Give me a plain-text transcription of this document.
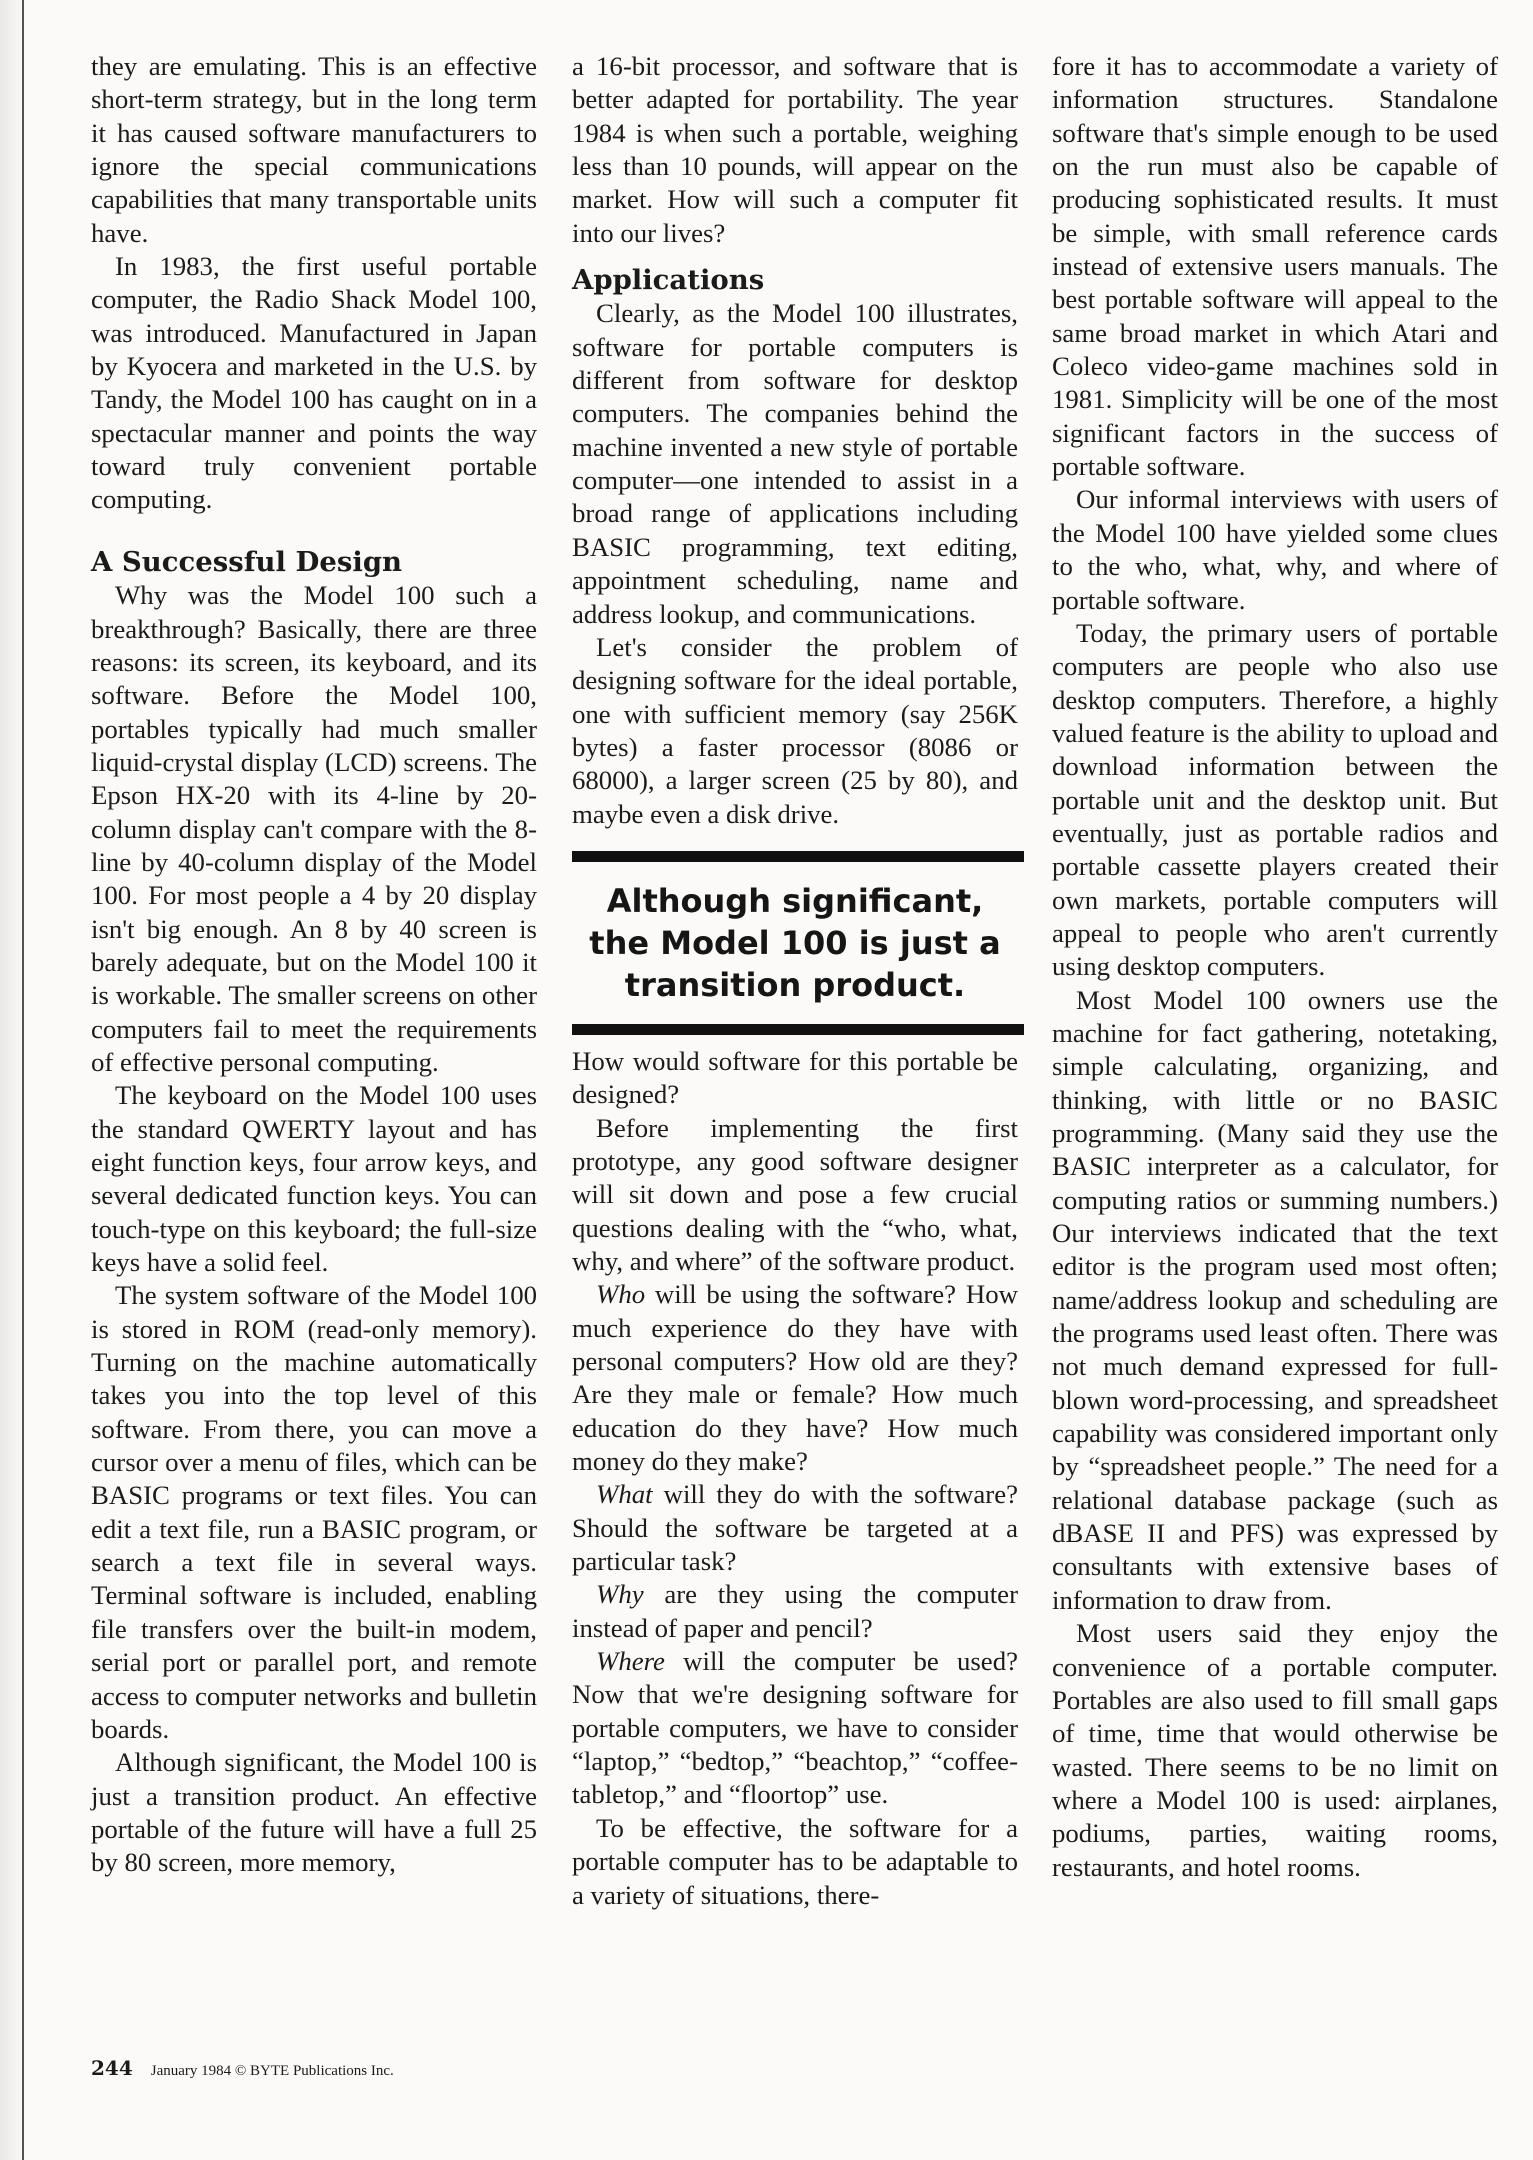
they are emulating. This is an effective short-term strategy, but in the long term it has caused software manufacturers to ignore the special communications capabilities that many transportable units have.

In 1983, the first useful portable computer, the Radio Shack Model 100, was introduced. Manufactured in Japan by Kyocera and marketed in the U.S. by Tandy, the Model 100 has caught on in a spectacular manner and points the way toward truly convenient portable computing.

A Successful Design

Why was the Model 100 such a breakthrough? Basically, there are three reasons: its screen, its keyboard, and its software. Before the Model 100, portables typically had much smaller liquid-crystal display (LCD) screens. The Epson HX-20 with its 4-line by 20-column display can't compare with the 8-line by 40-column display of the Model 100. For most people a 4 by 20 display isn't big enough. An 8 by 40 screen is barely adequate, but on the Model 100 it is workable. The smaller screens on other computers fail to meet the requirements of effective personal computing.

The keyboard on the Model 100 uses the standard QWERTY layout and has eight function keys, four arrow keys, and several dedicated function keys. You can touch-type on this keyboard; the full-size keys have a solid feel.

The system software of the Model 100 is stored in ROM (read-only memory). Turning on the machine automatically takes you into the top level of this software. From there, you can move a cursor over a menu of files, which can be BASIC programs or text files. You can edit a text file, run a BASIC program, or search a text file in several ways. Terminal software is included, enabling file transfers over the built-in modem, serial port or parallel port, and remote access to computer networks and bulletin boards.

Although significant, the Model 100 is just a transition product. An effective portable of the future will have a full 25 by 80 screen, more memory,

a 16-bit processor, and software that is better adapted for portability. The year 1984 is when such a portable, weighing less than 10 pounds, will appear on the market. How will such a computer fit into our lives?

Applications

Clearly, as the Model 100 illustrates, software for portable computers is different from software for desktop computers. The companies behind the machine invented a new style of portable computer—one intended to assist in a broad range of applications including BASIC programming, text editing, appointment scheduling, name and address lookup, and communications.

Let's consider the problem of designing software for the ideal portable, one with sufficient memory (say 256K bytes) a faster processor (8086 or 68000), a larger screen (25 by 80), and maybe even a disk drive.

Although significant, the Model 100 is just a transition product.

How would software for this portable be designed?

Before implementing the first prototype, any good software designer will sit down and pose a few crucial questions dealing with the “who, what, why, and where” of the software product.

Who will be using the software? How much experience do they have with personal computers? How old are they? Are they male or female? How much education do they have? How much money do they make?

What will they do with the software? Should the software be targeted at a particular task?

Why are they using the computer instead of paper and pencil?

Where will the computer be used? Now that we're designing software for portable computers, we have to consider “laptop,” “bedtop,” “beachtop,” “coffee-tabletop,” and “floortop” use.

To be effective, the software for a portable computer has to be adaptable to a variety of situations, there-

fore it has to accommodate a variety of information structures. Standalone software that's simple enough to be used on the run must also be capable of producing sophisticated results. It must be simple, with small reference cards instead of extensive users manuals. The best portable software will appeal to the same broad market in which Atari and Coleco video-game machines sold in 1981. Simplicity will be one of the most significant factors in the success of portable software.

Our informal interviews with users of the Model 100 have yielded some clues to the who, what, why, and where of portable software.

Today, the primary users of portable computers are people who also use desktop computers. Therefore, a highly valued feature is the ability to upload and download information between the portable unit and the desktop unit. But eventually, just as portable radios and portable cassette players created their own markets, portable computers will appeal to people who aren't currently using desktop computers.

Most Model 100 owners use the machine for fact gathering, notetaking, simple calculating, organizing, and thinking, with little or no BASIC programming. (Many said they use the BASIC interpreter as a calculator, for computing ratios or summing numbers.) Our interviews indicated that the text editor is the program used most often; name/address lookup and scheduling are the programs used least often. There was not much demand expressed for full-blown word-processing, and spreadsheet capability was considered important only by “spreadsheet people.” The need for a relational database package (such as dBASE II and PFS) was expressed by consultants with extensive bases of information to draw from.

Most users said they enjoy the convenience of a portable computer. Portables are also used to fill small gaps of time, time that would otherwise be wasted. There seems to be no limit on where a Model 100 is used: airplanes, podiums, parties, waiting rooms, restaurants, and hotel rooms.

244 January 1984 © BYTE Publications Inc.
